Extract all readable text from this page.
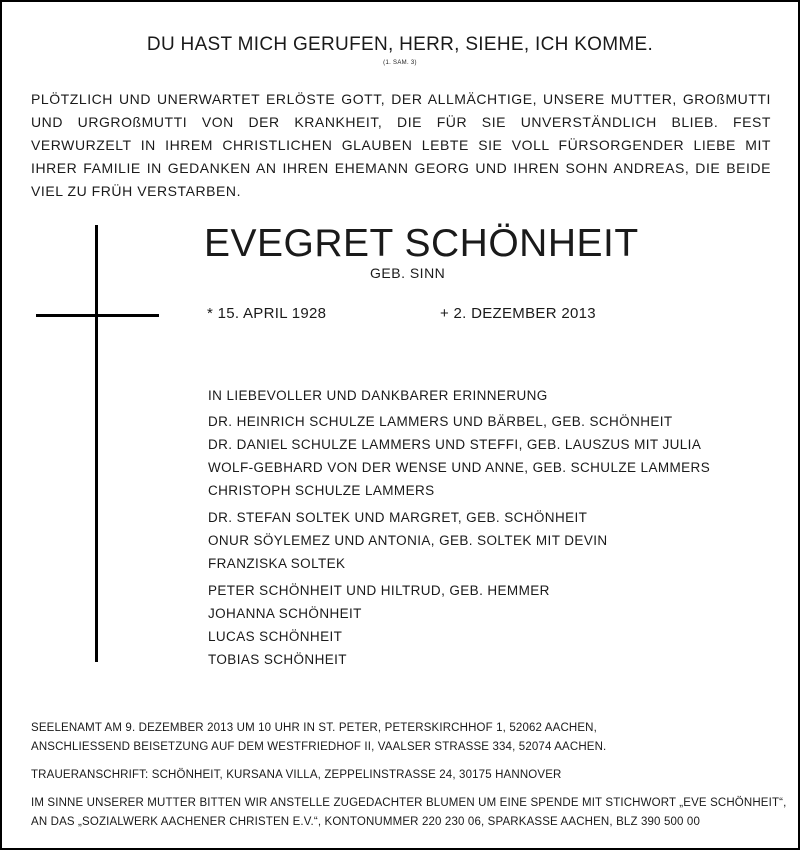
DU HAST MICH GERUFEN, HERR, SIEHE, ICH KOMME.
(1. SAM. 3)
PLÖTZLICH UND UNERWARTET ERLÖSTE GOTT, DER ALLMÄCHTIGE, UNSERE MUTTER, GROßMUTTI UND URGROßMUTTI VON DER KRANKHEIT, DIE FÜR SIE UNVERSTÄNDLICH BLIEB. FEST VERWURZELT IN IHREM CHRISTLICHEN GLAUBEN LEBTE SIE VOLL FÜRSORGENDER LIEBE MIT IHRER FAMILIE IN GEDANKEN AN IHREN EHEMANN GEORG UND IHREN SOHN ANDREAS, DIE BEIDE VIEL ZU FRÜH VERSTARBEN.
EVEGRET SCHÖNHEIT
GEB. SINN
* 15. APRIL 1928	+ 2. DEZEMBER 2013
IN LIEBEVOLLER UND DANKBARER ERINNERUNG
DR. HEINRICH SCHULZE LAMMERS UND BÄRBEL, GEB. SCHÖNHEIT
DR. DANIEL SCHULZE LAMMERS UND STEFFI, GEB. LAUSZUS MIT JULIA
WOLF-GEBHARD VON DER WENSE UND ANNE, GEB. SCHULZE LAMMERS
CHRISTOPH SCHULZE LAMMERS
DR. STEFAN SOLTEK UND MARGRET, GEB. SCHÖNHEIT
ONUR SÖYLEMEZ UND ANTONIA, GEB. SOLTEK MIT DEVIN
FRANZISKA SOLTEK
PETER SCHÖNHEIT UND HILTRUD, GEB. HEMMER
JOHANNA SCHÖNHEIT
LUCAS SCHÖNHEIT
TOBIAS SCHÖNHEIT
SEELENAMT AM 9. DEZEMBER 2013 UM 10 UHR IN ST. PETER, PETERSKIRCHHOF 1, 52062 AACHEN,
ANSCHLIESSEND BEISETZUNG AUF DEM WESTFRIEDHOF II, VAALSER STRASSE 334, 52074 AACHEN.
TRAUERANSCHRIFT: SCHÖNHEIT, KURSANA VILLA, ZEPPELINSTRASSE 24, 30175 HANNOVER
IM SINNE UNSERER MUTTER BITTEN WIR ANSTELLE ZUGEDACHTER BLUMEN UM EINE SPENDE MIT STICHWORT „EVE SCHÖNHEIT“,
AN DAS „SOZIALWERK AACHENER CHRISTEN E.V.“, KONTONUMMER 220 230 06, SPARKASSE AACHEN, BLZ 390 500 00
